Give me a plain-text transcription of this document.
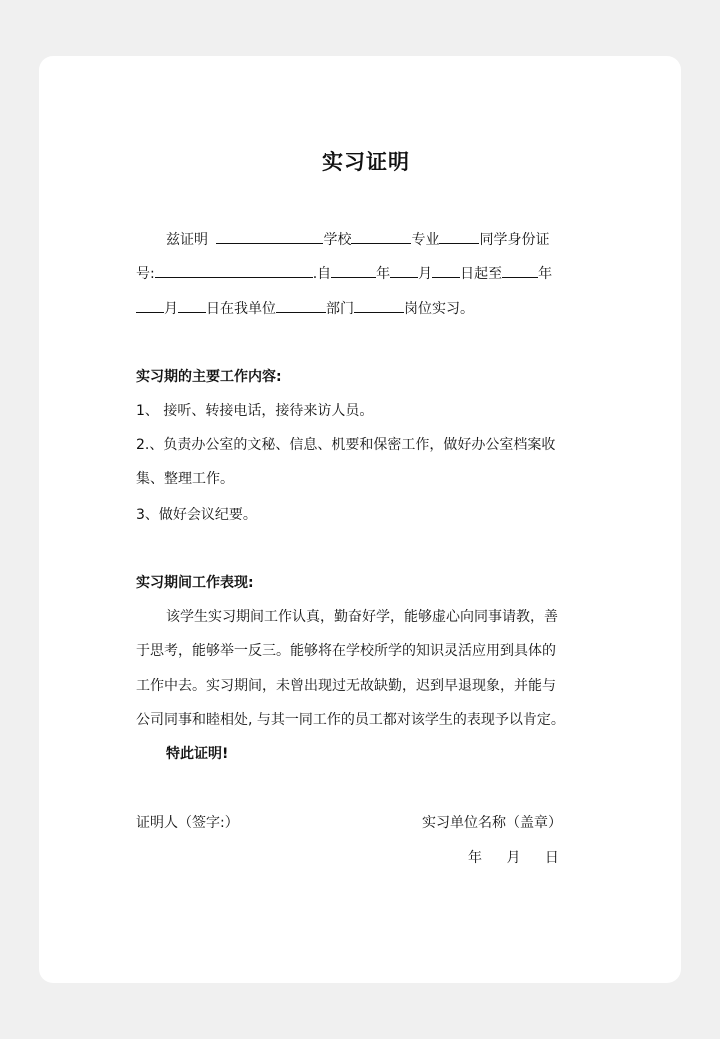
实习证明
兹证明	学校	专业	同学身份证
号:	.自	年 月 日起至	年
月 日在我单位	部门	岗位实习。
实习期的主要工作内容:
1、 接听、转接电话，接待来访人员。
2.、负责办公室的文秘、信息、机要和保密工作，做好办公室档案收
集、整理工作。
3、做好会议纪要。
实习期间工作表现:
该学生实习期间工作认真，勤奋好学，能够虚心向同事请教，善
于思考，能够举一反三。能够将在学校所学的知识灵活应用到具体的
工作中去。实习期间，未曾出现过无故缺勤，迟到早退现象，并能与
公司同事和睦相处, 与其一同工作的员工都对该学生的表现予以肯定。
特此证明!
证明人（签字:）	实习单位名称（盖章）
年 月 日
